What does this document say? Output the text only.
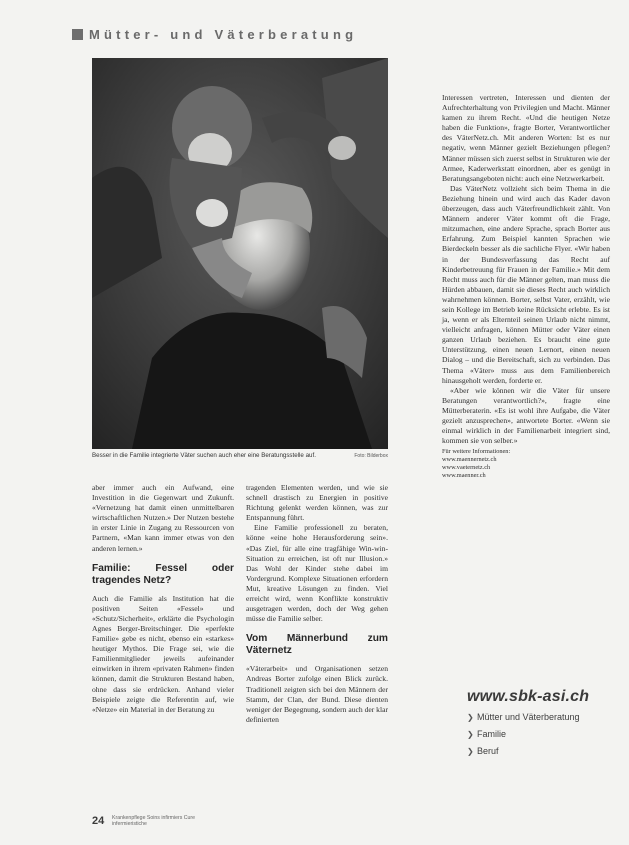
Mütter- und Väterberatung
Besser in die Familie integrierte Väter suchen auch eher eine Beratungsstelle auf.	Foto: Bilderbox

aber immer auch ein Aufwand, eine Investition in die Gegenwart und Zukunft. «Vernetzung hat damit einen unmittelbaren wirtschaftlichen Nutzen.» Der Nutzen bestehe in erster Linie in Zugang zu Ressourcen von Partnern, «Man kann immer etwas von den anderen lernen.»

Familie: Fessel oder tragendes Netz?

Auch die Familie als Institution hat die positiven Seiten «Fessel» und «Schutz/Sicherheit», erklärte die Psychologin Agnes Berger-Breitschinger. Die «perfekte Familie» gebe es nicht, ebenso ein «starkes» heutiger Mythos. Die Frage sei, wie die Familienmitglieder jeweils aufeinander einwirken in ihrem «privaten Rahmen» finden können, damit die Strukturen Bestand haben, ohne dass sie erdrücken. Anhand vieler Beispiele zeigte die Referentin auf, wie «Netze» ein Material in der Beratung zu

tragenden Elementen werden, und wie sie schnell drastisch zu Energien in positive Richtung gelenkt werden können, was zur Entspannung führt.

Eine Familie professionell zu beraten, könne «eine hohe Herausforderung sein». «Das Ziel, für alle eine tragfähige Win-win-Situation zu erreichen, ist oft nur Illusion.» Das Wohl der Kinder stehe dabei im Vordergrund. Komplexe Situationen erfordern Mut, kreative Lösungen zu finden. Viel erreicht wird, wenn Konflikte konstruktiv ausgetragen werden, doch der Weg gehen müsse die Familie selber.

Vom Männerbund zum Väternetz

«Väterarbeit» und Organisationen setzen Andreas Borter zufolge einen Blick zurück. Traditionell zeigten sich bei den Männern der Stamm, der Clan, der Bund. Diese dienten weniger der Begegnung, sondern auch der klar definierten

Interessen vertreten, Interessen und dienten der Aufrechterhaltung von Privilegien und Macht. Männer kamen zu ihrem Recht. «Und die heutigen Netze haben die Funktion», fragte Borter, Verantwortlicher des VäterNetz.ch. Mit anderen Worten: Ist es nur negativ, wenn Männer gezielt Beziehungen pflegen? Männer müssen sich zuerst selbst in Strukturen wie der Armee, Kaderwerkstatt einordnen, aber es genügt in Beratungsangeboten nicht: auch eine Netzwerkarbeit.

Das VäterNetz vollzieht sich beim Thema in die Beziehung hinein und wird auch das Kader davon überzeugen, dass auch Väterfreundlichkeit zählt. Von Männern anderer Väter kommt oft die Frage, mitzumachen, eine andere Sprache, sprach Borter aus Erfahrung. Zum Beispiel kannten Sprachen wie Bierdeckeln besser als die sachliche Flyer. «Wir haben in der Bundesverfassung das Recht auf Kinderbetreuung für Frauen in der Familie.» Mit dem Recht muss auch für die Männer gelten, man muss die Hürden abbauen, damit sie dieses Recht auch wirklich wahrnehmen können. Borter, selbst Vater, erzählt, wie sein Kollege im Betrieb keine Rücksicht erlebte. Es ist ja, wenn er als Elternteil seinen Urlaub nicht nimmt, vielleicht anfragen, können Mütter oder Väter einen ganzen Urlaub beziehen. Es braucht eine gute Unterstützung, einen neuen Lernort, einen neuen Dialog – und die Bereitschaft, sich zu verbinden. Das Thema «Väter» muss aus dem Familienbereich hinausgeholt werden, forderte er.

«Aber wie können wir die Väter für unsere Beratungen verantwortlich?», fragte eine Mütterberaterin. «Es ist wohl ihre Aufgabe, die Väter gezielt anzusprechen», antwortete Borter. «Wenn sie einmal wirklich in der Familienarbeit integriert sind, kommen sie von selber.»

Für weitere Informationen:
www.maennernetz.ch
www.vaeternetz.ch
www.maenner.ch
www.sbk-asi.ch
❯ Mütter und Väterberatung
❯ Familie
❯ Beruf
24 Krankenpflege Soins infirmiers Cure infermieristiche
